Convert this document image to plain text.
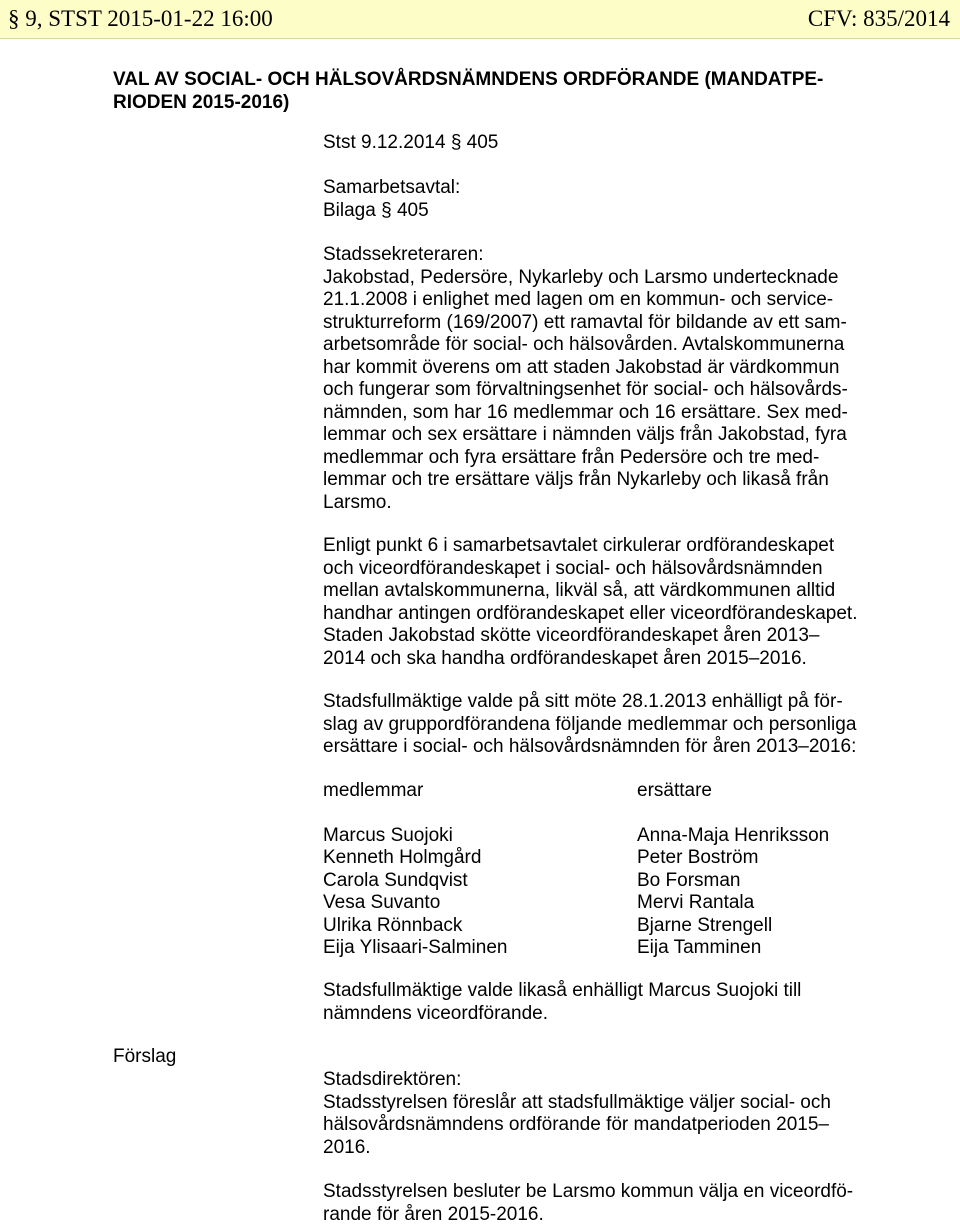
§ 9, STST 2015-01-22 16:00	CFV: 835/2014
VAL AV SOCIAL- OCH HÄLSOVÅRDSNÄMNDENS ORDFÖRANDE (MANDATPE-
RIODEN 2015-2016)
Stst 9.12.2014 § 405
Samarbetsavtal:
Bilaga § 405
Stadssekreteraren:
Jakobstad, Pedersöre, Nykarleby och Larsmo undertecknade
21.1.2008 i enlighet med lagen om en kommun- och service-
strukturreform (169/2007) ett ramavtal för bildande av ett sam-
arbetsområde för social- och hälsovården. Avtalskommunerna
har kommit överens om att staden Jakobstad är värdkommun
och fungerar som förvaltningsenhet för social- och hälsovårds-
nämnden, som har 16 medlemmar och 16 ersättare. Sex med-
lemmar och sex ersättare i nämnden väljs från Jakobstad, fyra
medlemmar och fyra ersättare från Pedersöre och tre med-
lemmar och tre ersättare väljs från Nykarleby och likaså från
Larsmo.
Enligt punkt 6 i samarbetsavtalet cirkulerar ordförandeskapet
och viceordförandeskapet i social- och hälsovårdsnämnden
mellan avtalskommunerna, likväl så, att värdkommunen alltid
handhar antingen ordförandeskapet eller viceordförandeskapet.
Staden Jakobstad skötte viceordförandeskapet åren 2013–
2014 och ska handha ordförandeskapet åren 2015–2016.
Stadsfullmäktige valde på sitt möte 28.1.2013 enhälligt på för-
slag av gruppordförandena följande medlemmar och personliga
ersättare i social- och hälsovårdsnämnden för åren 2013–2016:
medlemmar
Marcus Suojoki
Kenneth Holmgård
Carola Sundqvist
Vesa Suvanto
Ulrika Rönnback
Eija Ylisaari-Salminen
ersättare
Anna-Maja Henriksson
Peter Boström
Bo Forsman
Mervi Rantala
Bjarne Strengell
Eija Tamminen
Stadsfullmäktige valde likaså enhälligt Marcus Suojoki till
nämndens viceordförande.
Förslag
Stadsdirektören:
Stadsstyrelsen föreslår att stadsfullmäktige väljer social- och
hälsovårdsnämndens ordförande för mandatperioden 2015–
2016.
Stadsstyrelsen besluter be Larsmo kommun välja en viceordfö-
rande för åren 2015-2016.
